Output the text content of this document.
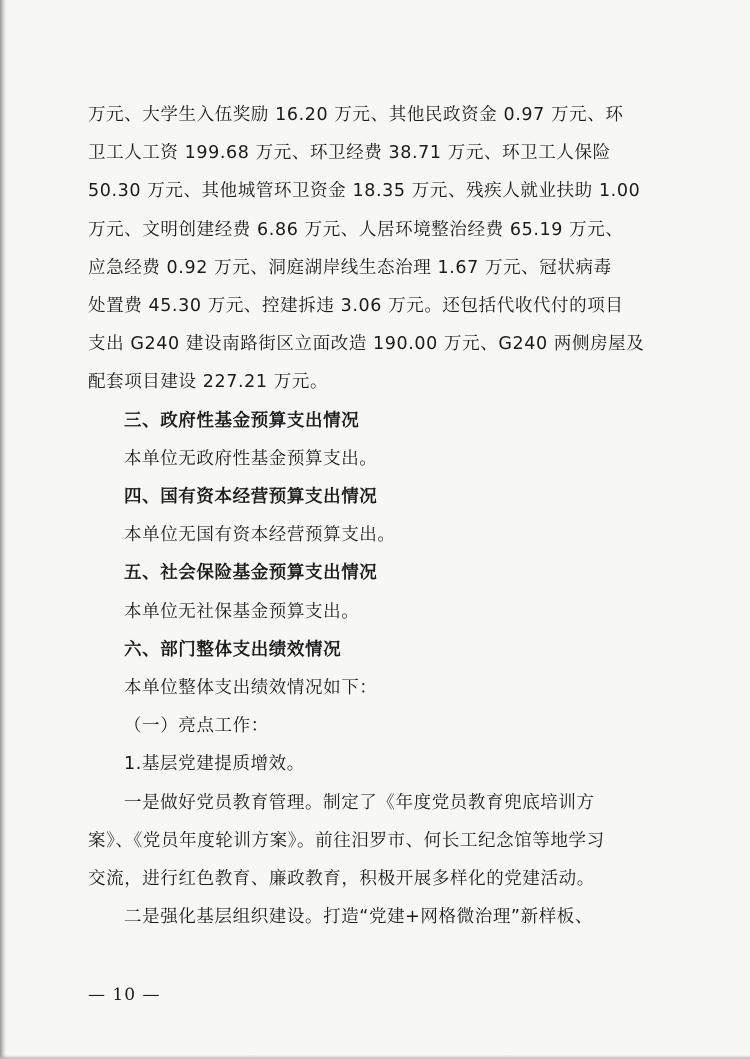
万元、大学生入伍奖励 16.20 万元、其他民政资金 0.97 万元、环

卫工人工资 199.68 万元、环卫经费 38.71 万元、环卫工人保险

50.30 万元、其他城管环卫资金 18.35 万元、残疾人就业扶助 1.00

万元、文明创建经费 6.86 万元、人居环境整治经费 65.19 万元、

应急经费 0.92 万元、洞庭湖岸线生态治理 1.67 万元、冠状病毒

处置费 45.30 万元、控建拆违 3.06 万元。还包括代收代付的项目

支出 G240 建设南路街区立面改造 190.00 万元、G240 两侧房屋及

配套项目建设 227.21 万元。

三、政府性基金预算支出情况

本单位无政府性基金预算支出。

四、国有资本经营预算支出情况

本单位无国有资本经营预算支出。

五、社会保险基金预算支出情况

本单位无社保基金预算支出。

六、部门整体支出绩效情况

本单位整体支出绩效情况如下：

（一）亮点工作：

1.基层党建提质增效。

一是做好党员教育管理。制定了《年度党员教育兜底培训方

案》、《党员年度轮训方案》。前往汨罗市、何长工纪念馆等地学习

交流，进行红色教育、廉政教育，积极开展多样化的党建活动。

二是强化基层组织建设。打造“党建+网格微治理”新样板、

— 10 —
